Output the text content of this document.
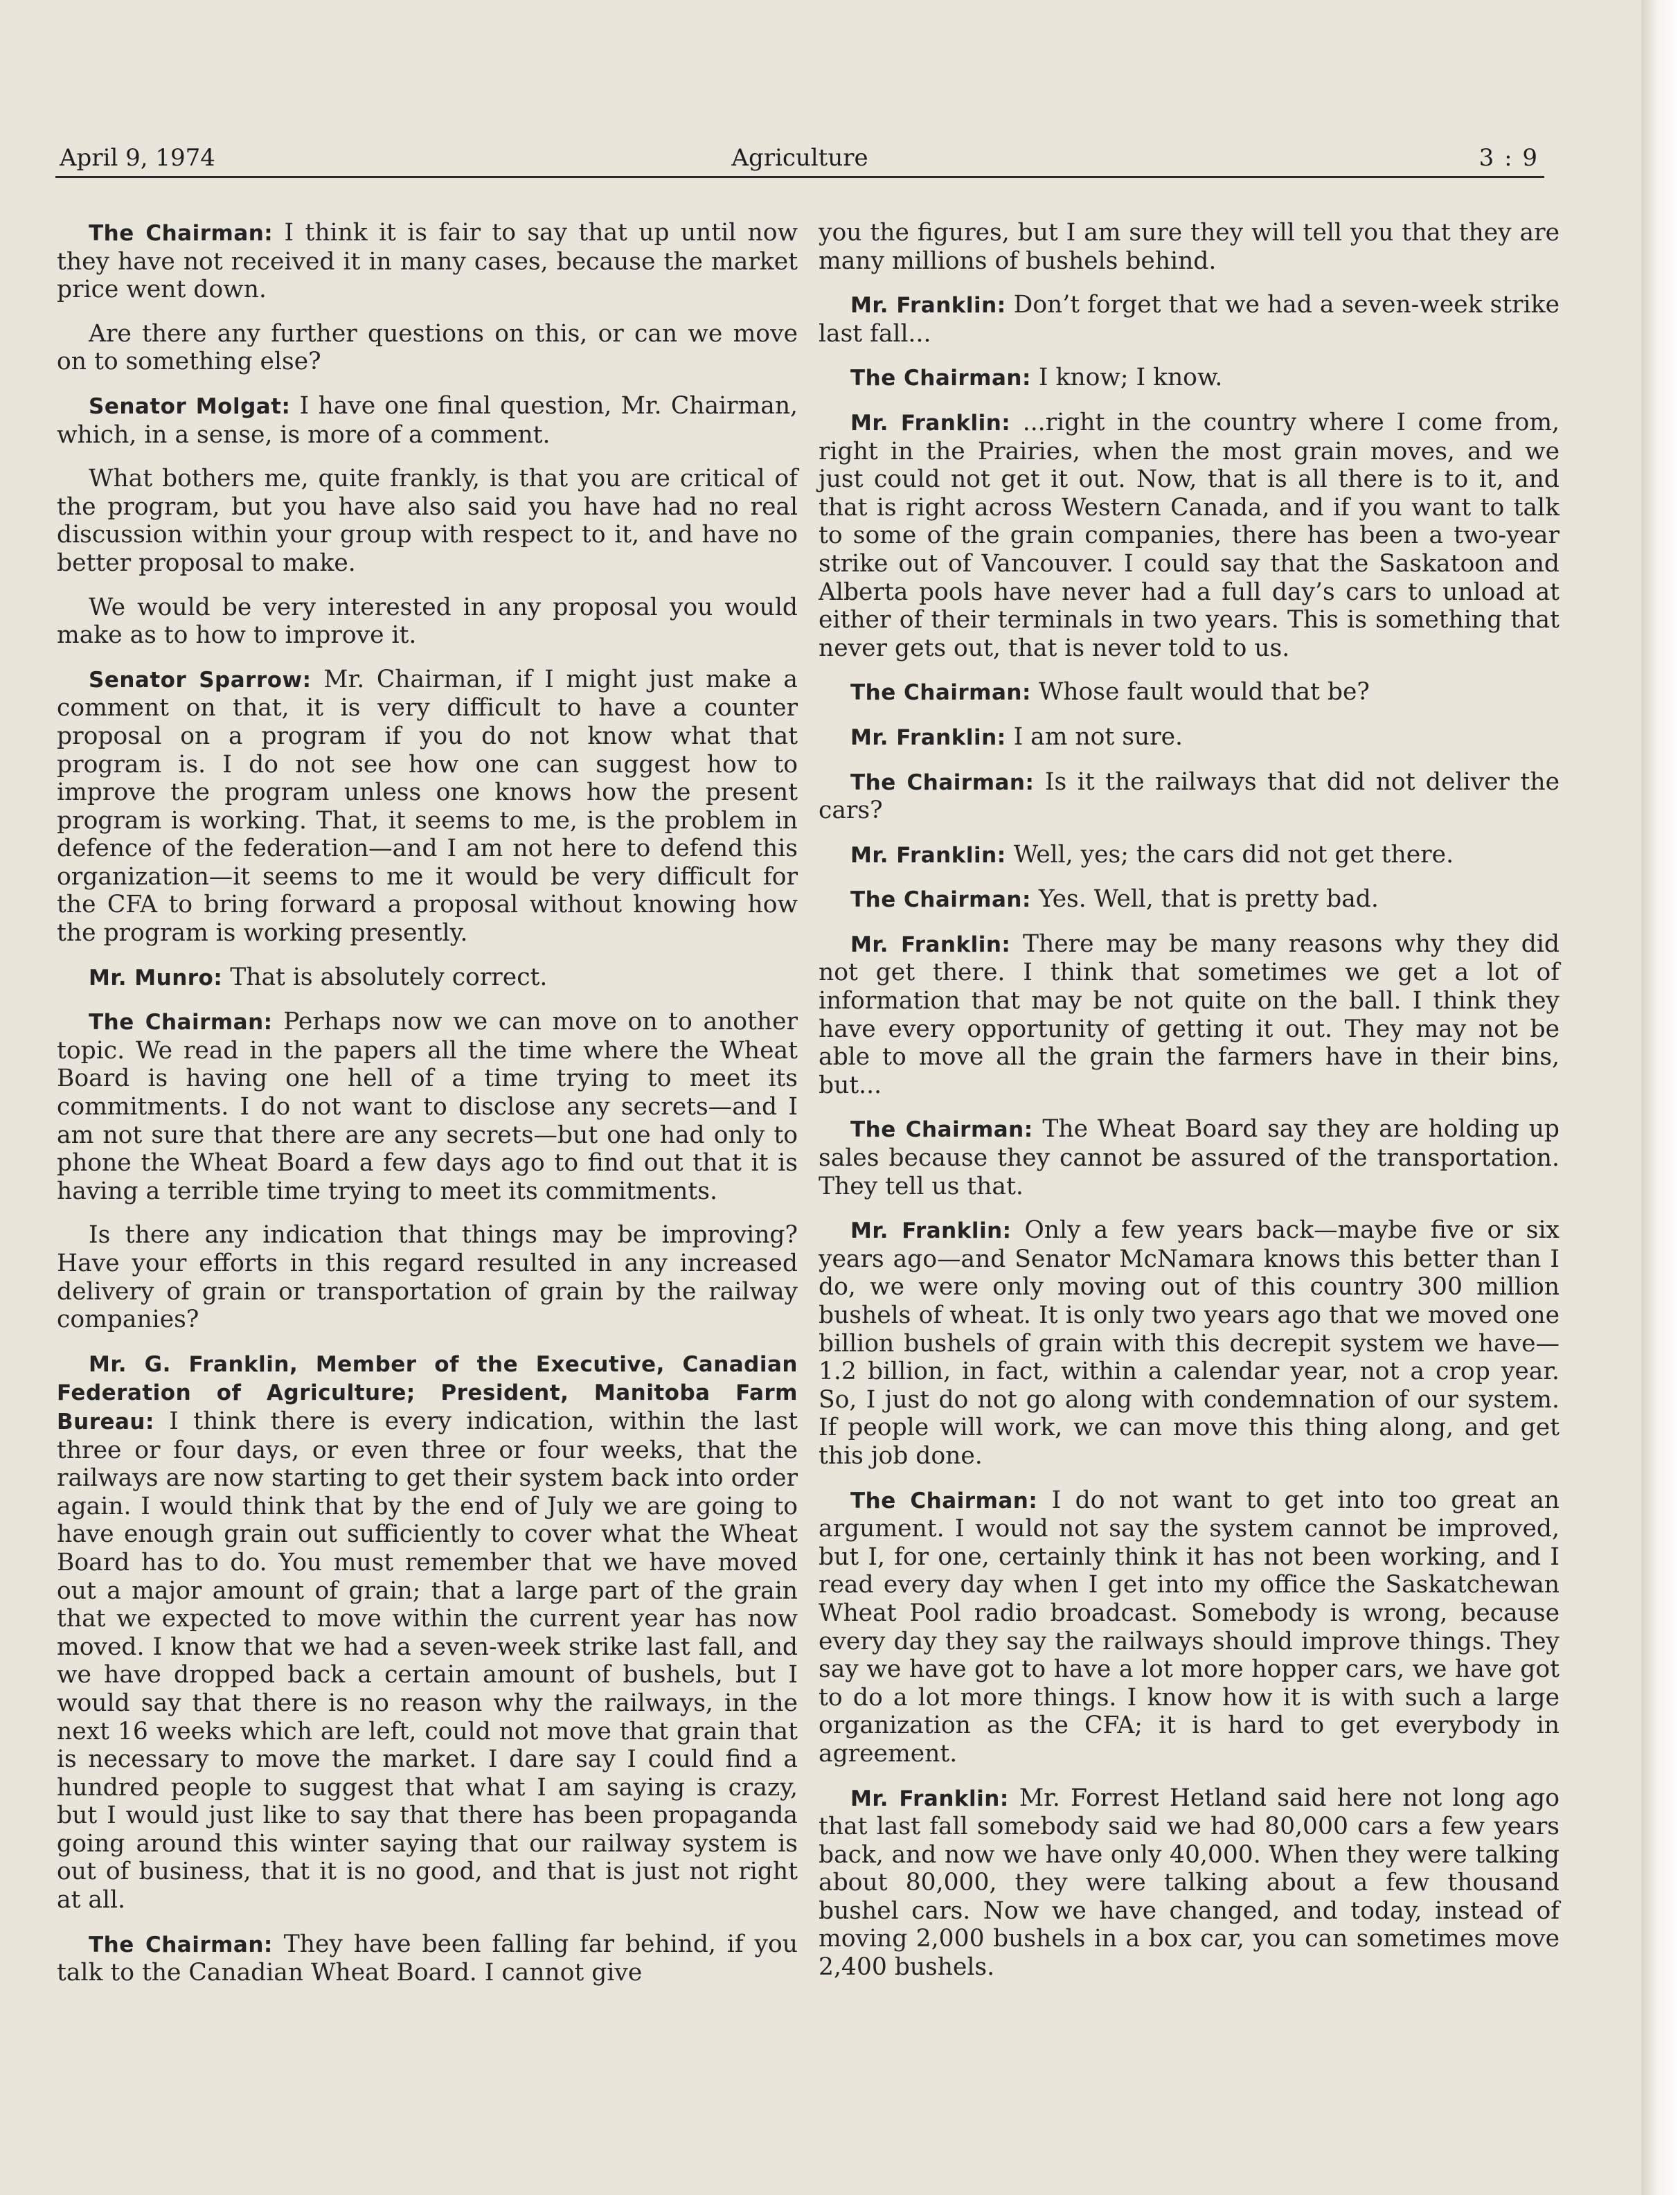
April 9, 1974	Agriculture	3 : 9

The Chairman: I think it is fair to say that up until now they have not received it in many cases, because the market price went down.

Are there any further questions on this, or can we move on to something else?

Senator Molgat: I have one final question, Mr. Chairman, which, in a sense, is more of a comment.

What bothers me, quite frankly, is that you are critical of the program, but you have also said you have had no real discussion within your group with respect to it, and have no better proposal to make.

We would be very interested in any proposal you would make as to how to improve it.

Senator Sparrow: Mr. Chairman, if I might just make a comment on that, it is very difficult to have a counter proposal on a program if you do not know what that program is. I do not see how one can suggest how to improve the program unless one knows how the present program is working. That, it seems to me, is the problem in defence of the federation—and I am not here to defend this organization—it seems to me it would be very difficult for the CFA to bring forward a proposal without knowing how the program is working presently.

Mr. Munro: That is absolutely correct.

The Chairman: Perhaps now we can move on to another topic. We read in the papers all the time where the Wheat Board is having one hell of a time trying to meet its commitments. I do not want to disclose any secrets—and I am not sure that there are any secrets—but one had only to phone the Wheat Board a few days ago to find out that it is having a terrible time trying to meet its commitments.

Is there any indication that things may be improving? Have your efforts in this regard resulted in any increased delivery of grain or transportation of grain by the railway companies?

Mr. G. Franklin, Member of the Executive, Canadian Federation of Agriculture; President, Manitoba Farm Bureau: I think there is every indication, within the last three or four days, or even three or four weeks, that the railways are now starting to get their system back into order again. I would think that by the end of July we are going to have enough grain out sufficiently to cover what the Wheat Board has to do. You must remember that we have moved out a major amount of grain; that a large part of the grain that we expected to move within the current year has now moved. I know that we had a seven-week strike last fall, and we have dropped back a certain amount of bushels, but I would say that there is no reason why the railways, in the next 16 weeks which are left, could not move that grain that is necessary to move the market. I dare say I could find a hundred people to suggest that what I am saying is crazy, but I would just like to say that there has been propaganda going around this winter saying that our railway system is out of business, that it is no good, and that is just not right at all.

The Chairman: They have been falling far behind, if you talk to the Canadian Wheat Board. I cannot give

you the figures, but I am sure they will tell you that they are many millions of bushels behind.

Mr. Franklin: Don’t forget that we had a seven-week strike last fall...

The Chairman: I know; I know.

Mr. Franklin: ...right in the country where I come from, right in the Prairies, when the most grain moves, and we just could not get it out. Now, that is all there is to it, and that is right across Western Canada, and if you want to talk to some of the grain companies, there has been a two-year strike out of Vancouver. I could say that the Saskatoon and Alberta pools have never had a full day’s cars to unload at either of their terminals in two years. This is something that never gets out, that is never told to us.

The Chairman: Whose fault would that be?

Mr. Franklin: I am not sure.

The Chairman: Is it the railways that did not deliver the cars?

Mr. Franklin: Well, yes; the cars did not get there.

The Chairman: Yes. Well, that is pretty bad.

Mr. Franklin: There may be many reasons why they did not get there. I think that sometimes we get a lot of information that may be not quite on the ball. I think they have every opportunity of getting it out. They may not be able to move all the grain the farmers have in their bins, but...

The Chairman: The Wheat Board say they are holding up sales because they cannot be assured of the transportation. They tell us that.

Mr. Franklin: Only a few years back—maybe five or six years ago—and Senator McNamara knows this better than I do, we were only moving out of this country 300 million bushels of wheat. It is only two years ago that we moved one billion bushels of grain with this decrepit system we have—1.2 billion, in fact, within a calendar year, not a crop year. So, I just do not go along with condemnation of our system. If people will work, we can move this thing along, and get this job done.

The Chairman: I do not want to get into too great an argument. I would not say the system cannot be improved, but I, for one, certainly think it has not been working, and I read every day when I get into my office the Saskatchewan Wheat Pool radio broadcast. Somebody is wrong, because every day they say the railways should improve things. They say we have got to have a lot more hopper cars, we have got to do a lot more things. I know how it is with such a large organization as the CFA; it is hard to get everybody in agreement.

Mr. Franklin: Mr. Forrest Hetland said here not long ago that last fall somebody said we had 80,000 cars a few years back, and now we have only 40,000. When they were talking about 80,000, they were talking about a few thousand bushel cars. Now we have changed, and today, instead of moving 2,000 bushels in a box car, you can sometimes move 2,400 bushels.
